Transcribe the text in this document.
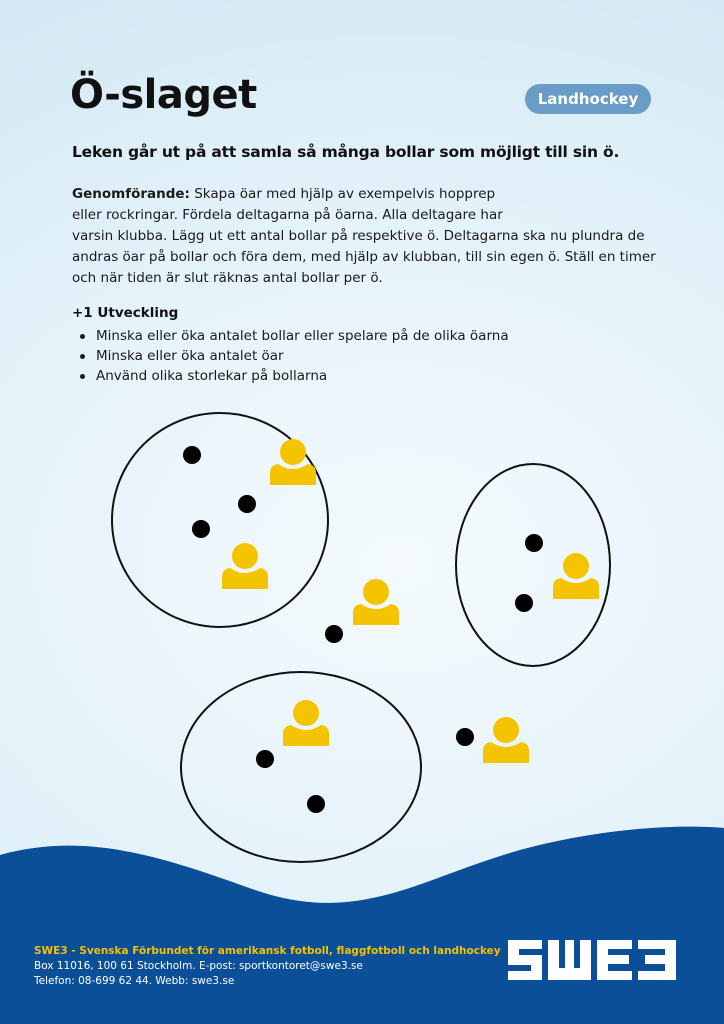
Ö-slaget	Landhockey

Leken går ut på att samla så många bollar som möjligt till sin ö.

Genomförande: Skapa öar med hjälp av exempelvis hopprep
eller rockringar. Fördela deltagarna på öarna. Alla deltagare har
varsin klubba. Lägg ut ett antal bollar på respektive ö. Deltagarna ska nu plundra de
andras öar på bollar och föra dem, med hjälp av klubban, till sin egen ö. Ställ en timer
och när tiden är slut räknas antal bollar per ö.

+1 Utveckling

Minska eller öka antalet bollar eller spelare på de olika öarna
Minska eller öka antalet öar
Använd olika storlekar på bollarna
SWE3 - Svenska Förbundet för amerikansk fotboll, flaggfotboll och landhockey
Box 11016, 100 61 Stockholm. E-post: sportkontoret@swe3.se
Telefon: 08-699 62 44. Webb: swe3.se
